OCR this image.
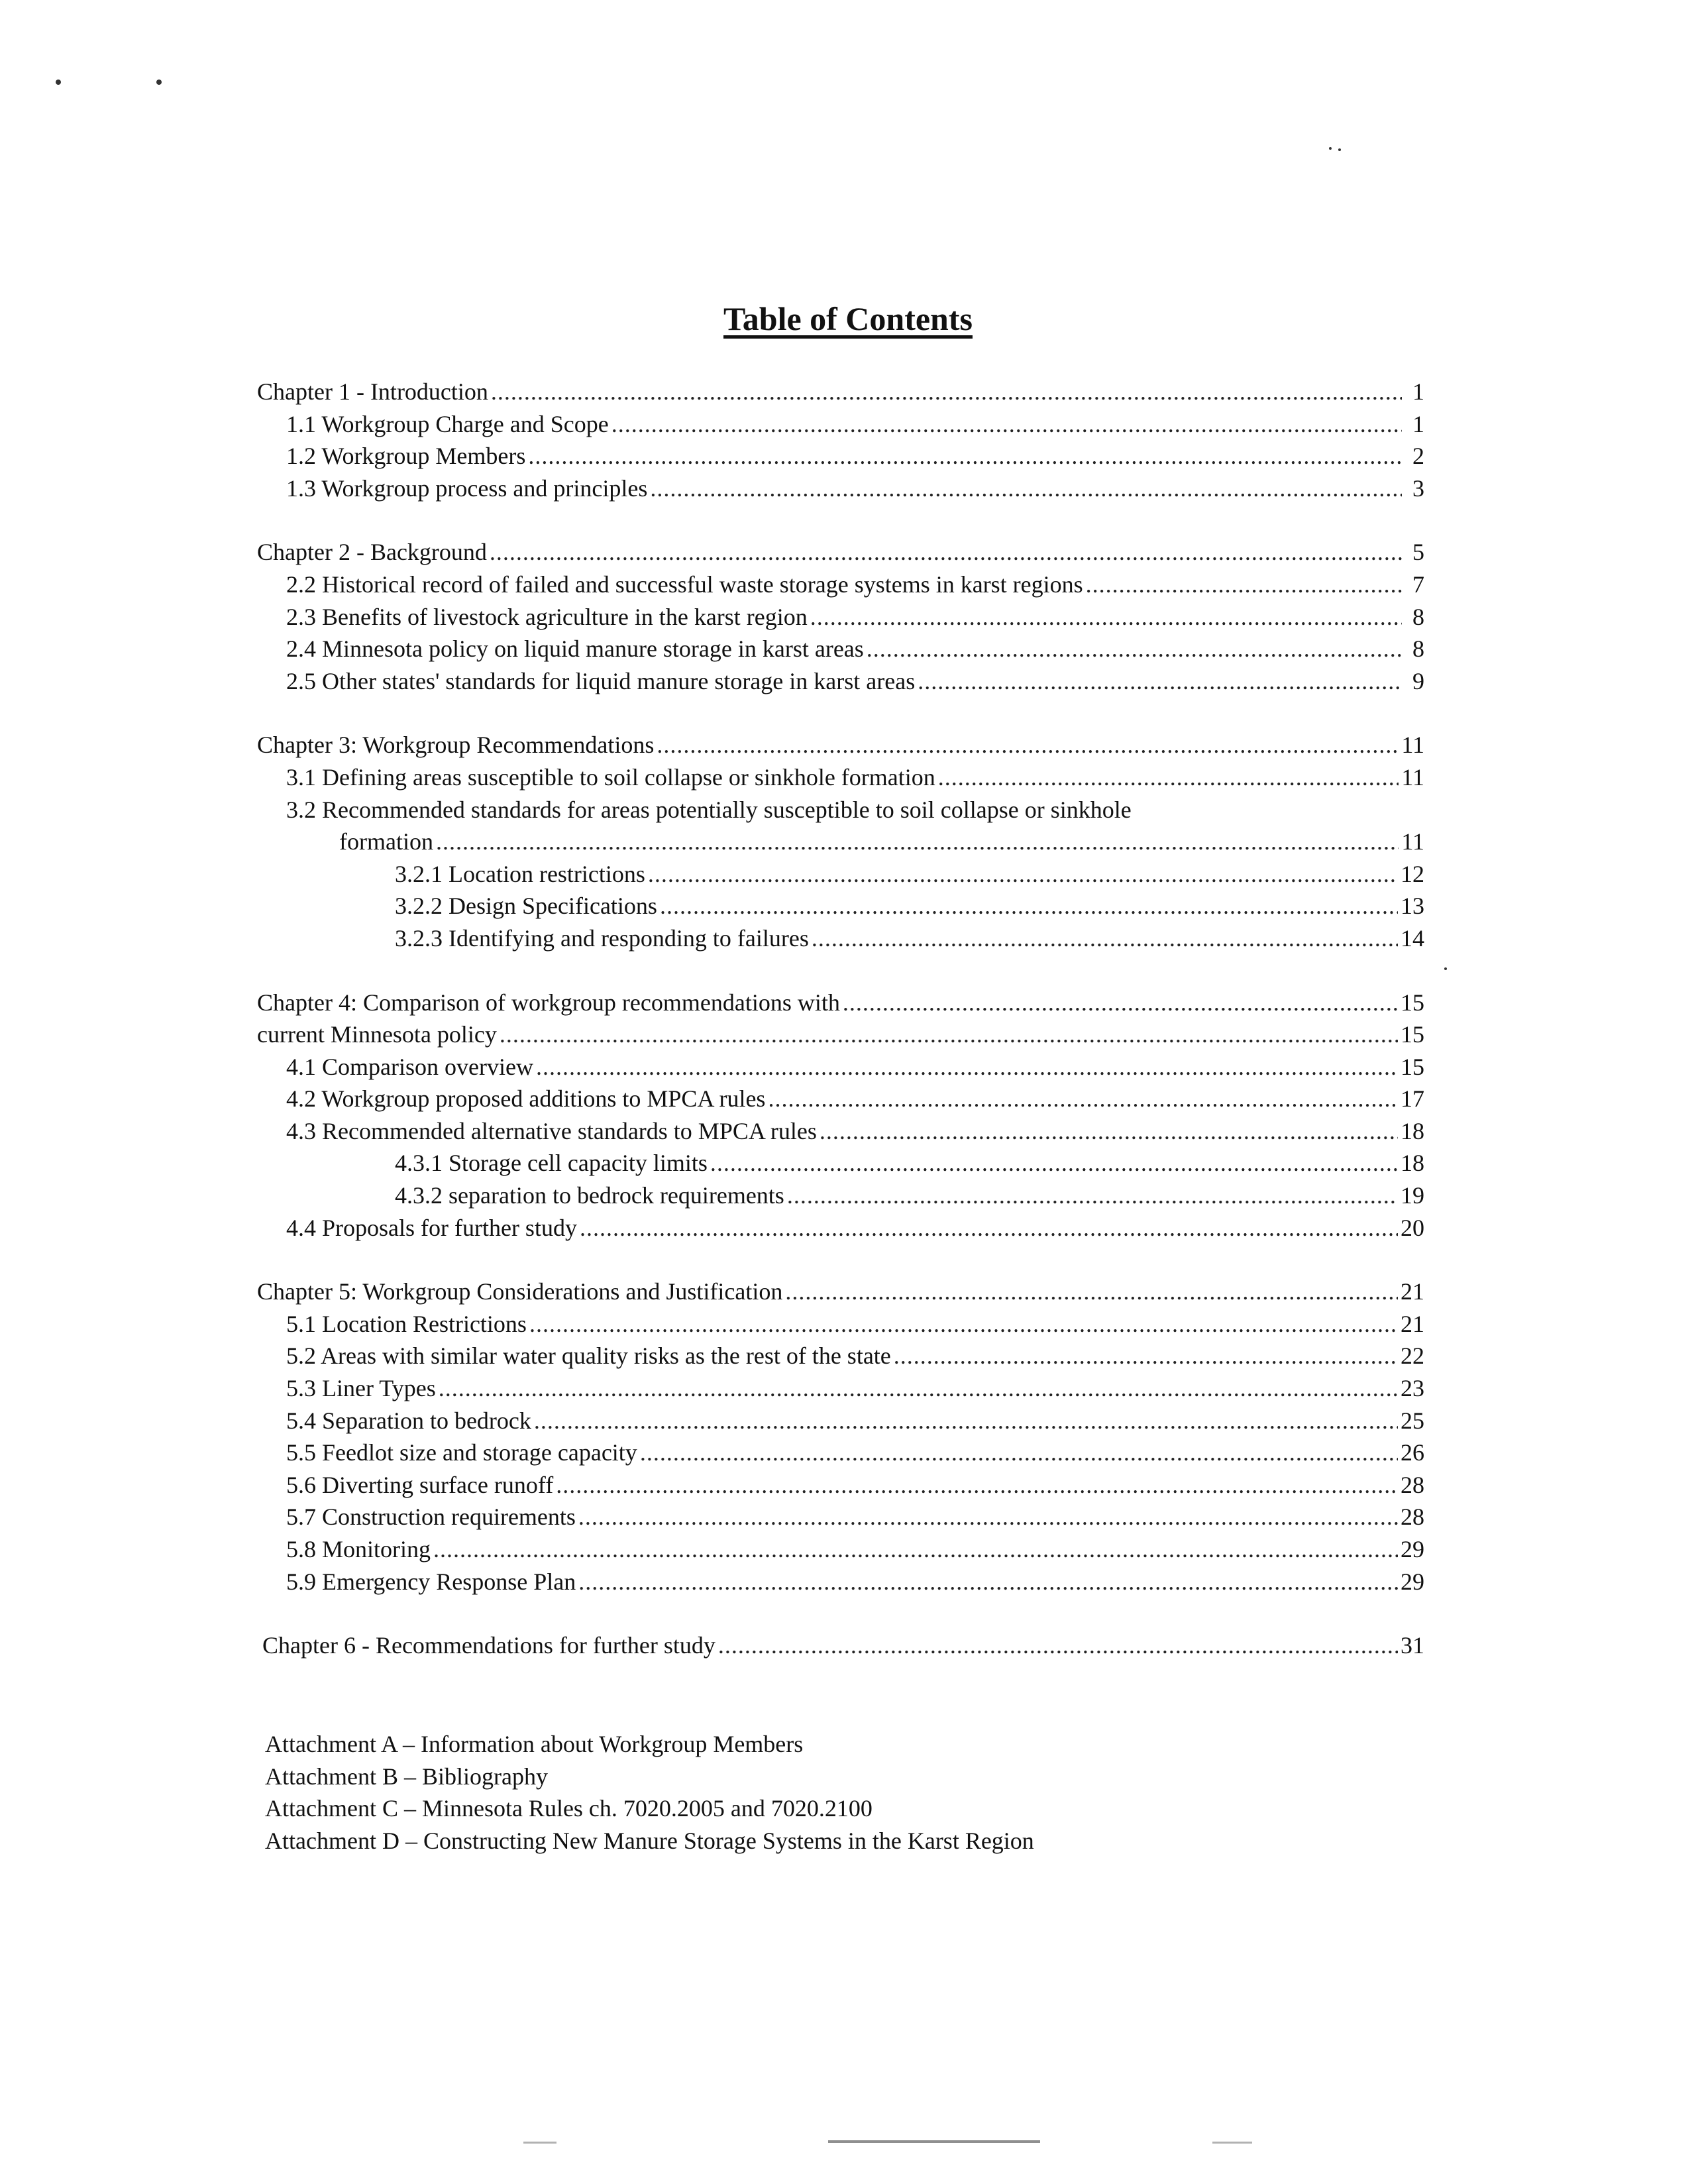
Table of Contents
Chapter 1 - Introduction .....	1
1.1 Workgroup Charge and Scope .....	1
1.2 Workgroup Members .....	2
1.3 Workgroup process and principles .....	3
Chapter 2 - Background .....	5
2.2 Historical record of failed and successful waste storage systems in karst regions .....	7
2.3 Benefits of livestock agriculture in the karst region .....	8
2.4 Minnesota policy on liquid manure storage in karst areas .....	8
2.5 Other states' standards for liquid manure storage in karst areas .....	9
Chapter 3: Workgroup Recommendations .....	11
3.1 Defining areas susceptible to soil collapse or sinkhole formation .....	11
3.2 Recommended standards for areas potentially susceptible to soil collapse or sinkhole
formation .....	11
3.2.1 Location restrictions .....	12
3.2.2 Design Specifications .....	13
3.2.3 Identifying and responding to failures .....	14
Chapter 4: Comparison of workgroup recommendations with .....	15
current Minnesota policy .....	15
4.1 Comparison overview .....	15
4.2 Workgroup proposed additions to MPCA rules .....	17
4.3 Recommended alternative standards to MPCA rules .....	18
4.3.1 Storage cell capacity limits .....	18
4.3.2 separation to bedrock requirements .....	19
4.4 Proposals for further study .....	20
Chapter 5: Workgroup Considerations and Justification .....	21
5.1 Location Restrictions .....	21
5.2 Areas with similar water quality risks as the rest of the state .....	22
5.3 Liner Types .....	23
5.4 Separation to bedrock .....	25
5.5 Feedlot size and storage capacity .....	26
5.6 Diverting surface runoff .....	28
5.7 Construction requirements .....	28
5.8 Monitoring .....	29
5.9 Emergency Response Plan .....	29
Chapter 6 - Recommendations for further study .....	31
Attachment A – Information about Workgroup Members
Attachment B – Bibliography
Attachment C – Minnesota Rules ch. 7020.2005 and 7020.2100
Attachment D – Constructing New Manure Storage Systems in the Karst Region
